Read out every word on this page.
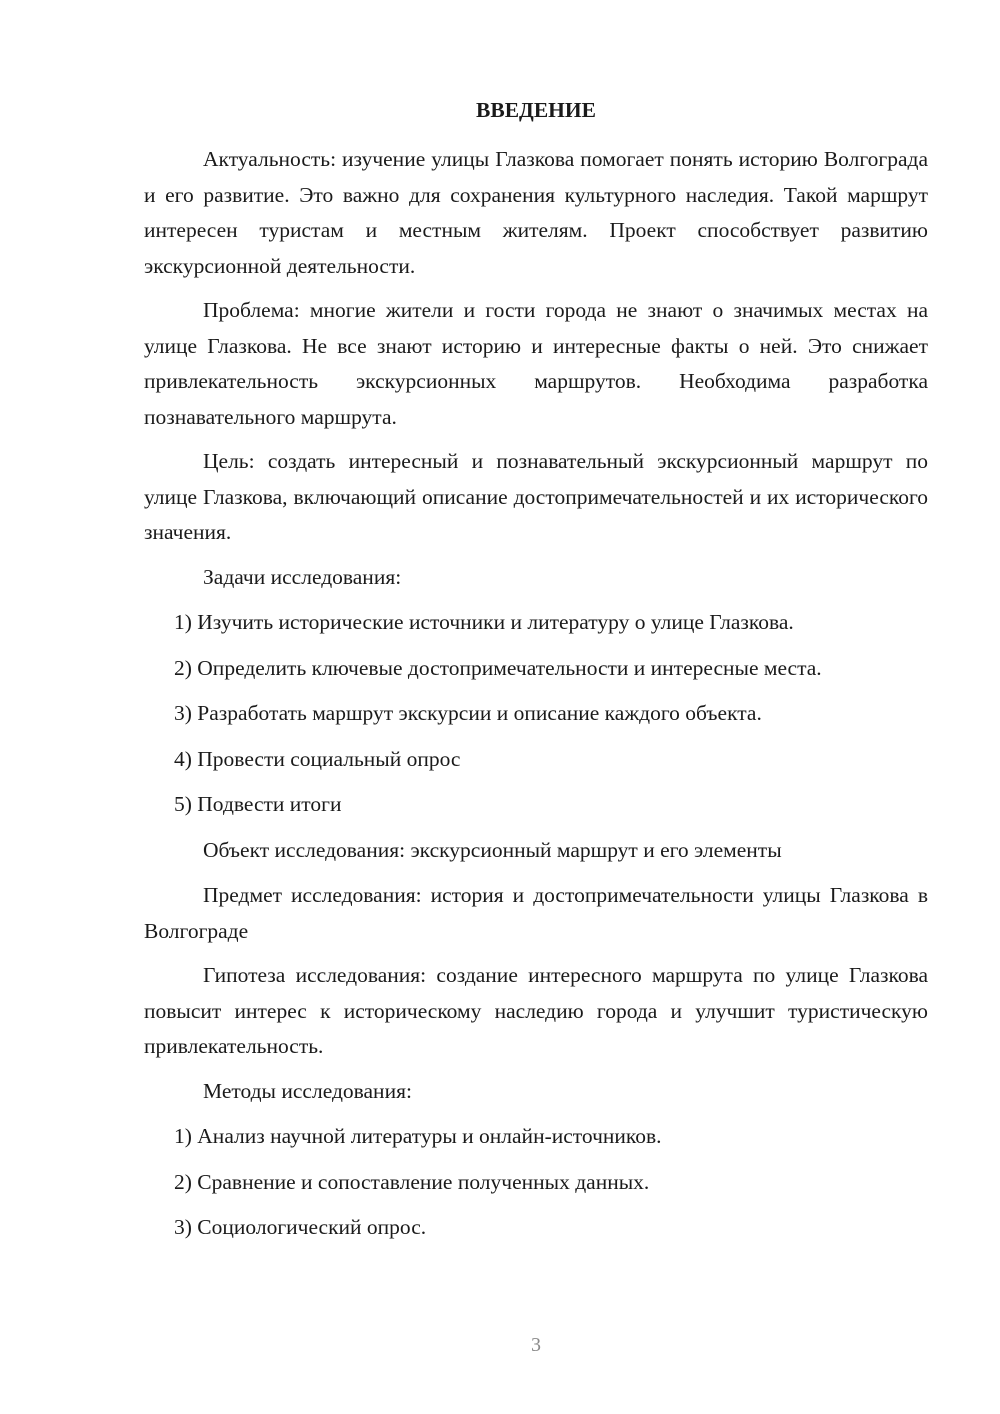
ВВЕДЕНИЕ

Актуальность: изучение улицы Глазкова помогает понять историю Волгограда и его развитие. Это важно для сохранения культурного наследия. Такой маршрут интересен туристам и местным жителям. Проект способствует развитию экскурсионной деятельности.

Проблема: многие жители и гости города не знают о значимых местах на улице Глазкова. Не все знают историю и интересные факты о ней. Это снижает привлекательность экскурсионных маршрутов. Необходима разработка познавательного маршрута.

Цель: создать интересный и познавательный экскурсионный маршрут по улице Глазкова, включающий описание достопримечательностей и их исторического значения.

Задачи исследования:

1) Изучить исторические источники и литературу о улице Глазкова.

2) Определить ключевые достопримечательности и интересные места.

3) Разработать маршрут экскурсии и описание каждого объекта.

4) Провести социальный опрос

5) Подвести итоги

Объект исследования: экскурсионный маршрут и его элементы

Предмет исследования: история и достопримечательности улицы Глазкова в Волгограде

Гипотеза исследования: создание интересного маршрута по улице Глазкова повысит интерес к историческому наследию города и улучшит туристическую привлекательность.

Методы исследования:

1) Анализ научной литературы и онлайн-источников.

2) Сравнение и сопоставление полученных данных.

3) Социологический опрос.

3
